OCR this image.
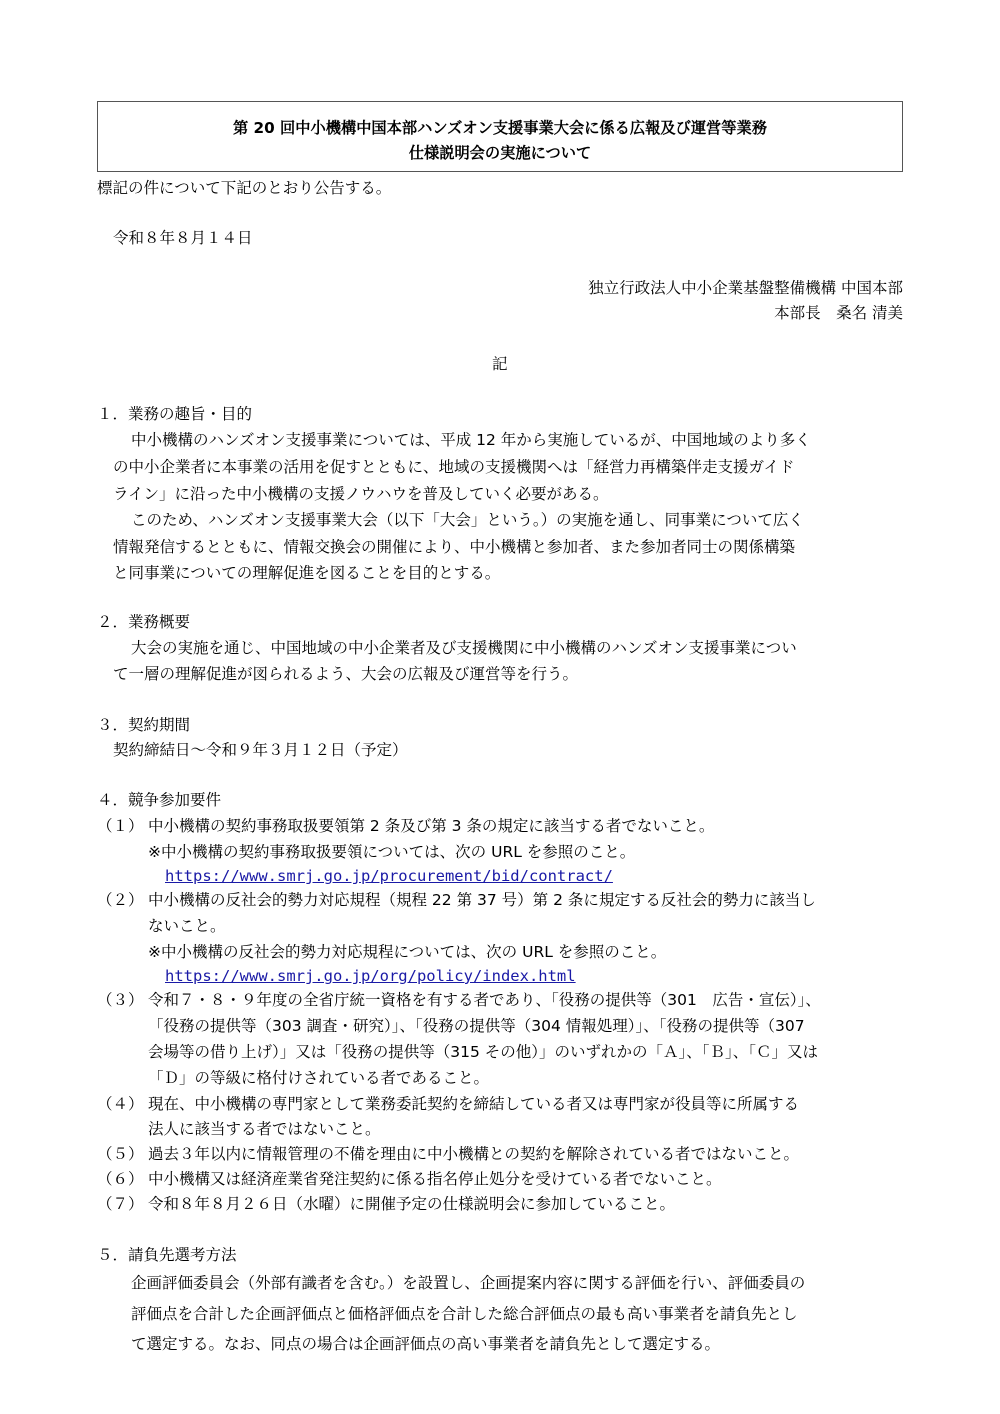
第 20 回中小機構中国本部ハンズオン支援事業大会に係る広報及び運営等業務
仕様説明会の実施について
標記の件について下記のとおり公告する。
令和８年８月１４日
独立行政法人中小企業基盤整備機構 中国本部
本部長　桑名 清美
記
１．業務の趣旨・目的
中小機構のハンズオン支援事業については、平成 12 年から実施しているが、中国地域のより多く
の中小企業者に本事業の活用を促すとともに、地域の支援機関へは「経営力再構築伴走支援ガイド
ライン」に沿った中小機構の支援ノウハウを普及していく必要がある。
このため、ハンズオン支援事業大会（以下「大会」という。）の実施を通し、同事業について広く
情報発信するとともに、情報交換会の開催により、中小機構と参加者、また参加者同士の関係構築
と同事業についての理解促進を図ることを目的とする。
２．業務概要
大会の実施を通じ、中国地域の中小企業者及び支援機関に中小機構のハンズオン支援事業につい
て一層の理解促進が図られるよう、大会の広報及び運営等を行う。
３．契約期間
契約締結日～令和９年３月１２日（予定）
４．競争参加要件
（１） 中小機構の契約事務取扱要領第 2 条及び第 3 条の規定に該当する者でないこと。
※中小機構の契約事務取扱要領については、次の URL を参照のこと。
https://www.smrj.go.jp/procurement/bid/contract/
（２） 中小機構の反社会的勢力対応規程（規程 22 第 37 号）第 2 条に規定する反社会的勢力に該当し
ないこと。
※中小機構の反社会的勢力対応規程については、次の URL を参照のこと。
https://www.smrj.go.jp/org/policy/index.html
（３） 令和７・８・９年度の全省庁統一資格を有する者であり、「役務の提供等（301　広告・宣伝）」、
「役務の提供等（303 調査・研究）」、「役務の提供等（304 情報処理）」、「役務の提供等（307
会場等の借り上げ）」又は「役務の提供等（315 その他）」のいずれかの「Ａ」、「Ｂ」、「Ｃ」又は
「Ｄ」の等級に格付けされている者であること。
（４） 現在、中小機構の専門家として業務委託契約を締結している者又は専門家が役員等に所属する
法人に該当する者ではないこと。
（５） 過去３年以内に情報管理の不備を理由に中小機構との契約を解除されている者ではないこと。
（６） 中小機構又は経済産業省発注契約に係る指名停止処分を受けている者でないこと。
（７） 令和８年８月２６日（水曜）に開催予定の仕様説明会に参加していること。
５．請負先選考方法
企画評価委員会（外部有識者を含む。）を設置し、企画提案内容に関する評価を行い、評価委員の
評価点を合計した企画評価点と価格評価点を合計した総合評価点の最も高い事業者を請負先とし
て選定する。なお、同点の場合は企画評価点の高い事業者を請負先として選定する。
